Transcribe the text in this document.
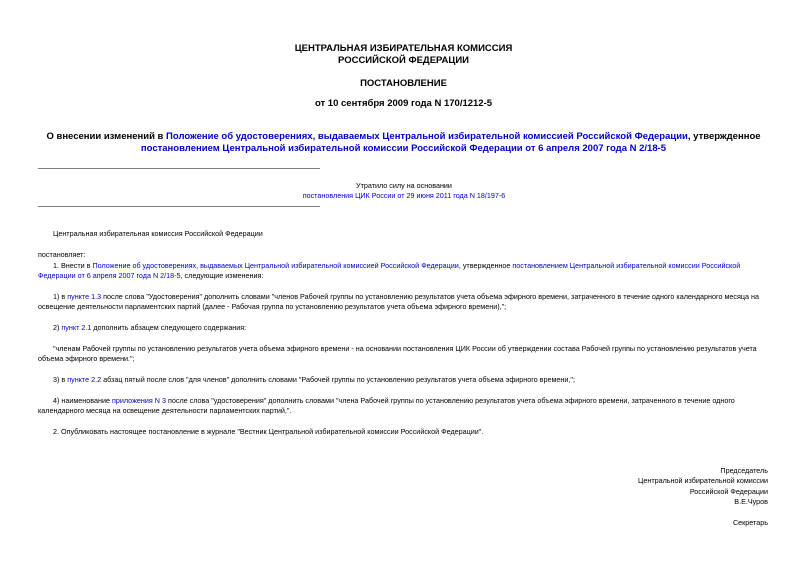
ЦЕНТРАЛЬНАЯ ИЗБИРАТЕЛЬНАЯ КОМИССИЯ
РОССИЙСКОЙ ФЕДЕРАЦИИ
ПОСТАНОВЛЕНИЕ
от 10 сентября 2009 года N 170/1212-5
О внесении изменений в Положение об удостоверениях, выдаваемых Центральной избирательной комиссией Российской Федерации, утвержденное
постановлением Центральной избирательной комиссии Российской Федерации от 6 апреля 2007 года N 2/18-5
Утратило силу на основании
постановления ЦИК России от 29 июня 2011 года N 18/197-6
Центральная избирательная комиссия Российской Федерации
постановляет:
1. Внести в Положение об удостоверениях, выдаваемых Центральной избирательной комиссией Российской Федерации, утвержденное постановлением Центральной избирательной комиссии Российской
Федерации от 6 апреля 2007 года N 2/18-5, следующие изменения:
1) в пункте 1.3 после слова "Удостоверения" дополнить словами "членов Рабочей группы по установлению результатов учета объема эфирного времени, затраченного в течение одного календарного месяца на освещение деятельности парламентских партий (далее - Рабочая группа по установлению результатов учета объема эфирного времени),";
2) пункт 2.1 дополнить абзацем следующего содержания:
"членам Рабочей группы по установлению результатов учета объема эфирного времени - на основании постановления ЦИК России об утверждении состава Рабочей группы по установлению результатов учета объема эфирного времени.";
3) в пункте 2.2 абзац пятый после слов "для членов" дополнить словами "Рабочей группы по установлению результатов учета объема эфирного времени,";
4) наименование приложения N 3 после слова "удостоверения" дополнить словами "члена Рабочей группы по установлению результатов учета объема эфирного времени, затраченного в течение одного календарного месяца на освещение деятельности парламентских партий,".
2. Опубликовать настоящее постановление в журнале "Вестник Центральной избирательной комиссии Российской Федерации".
Председатель
Центральной избирательной комиссии
Российской Федерации
В.Е.Чуров
Секретарь
